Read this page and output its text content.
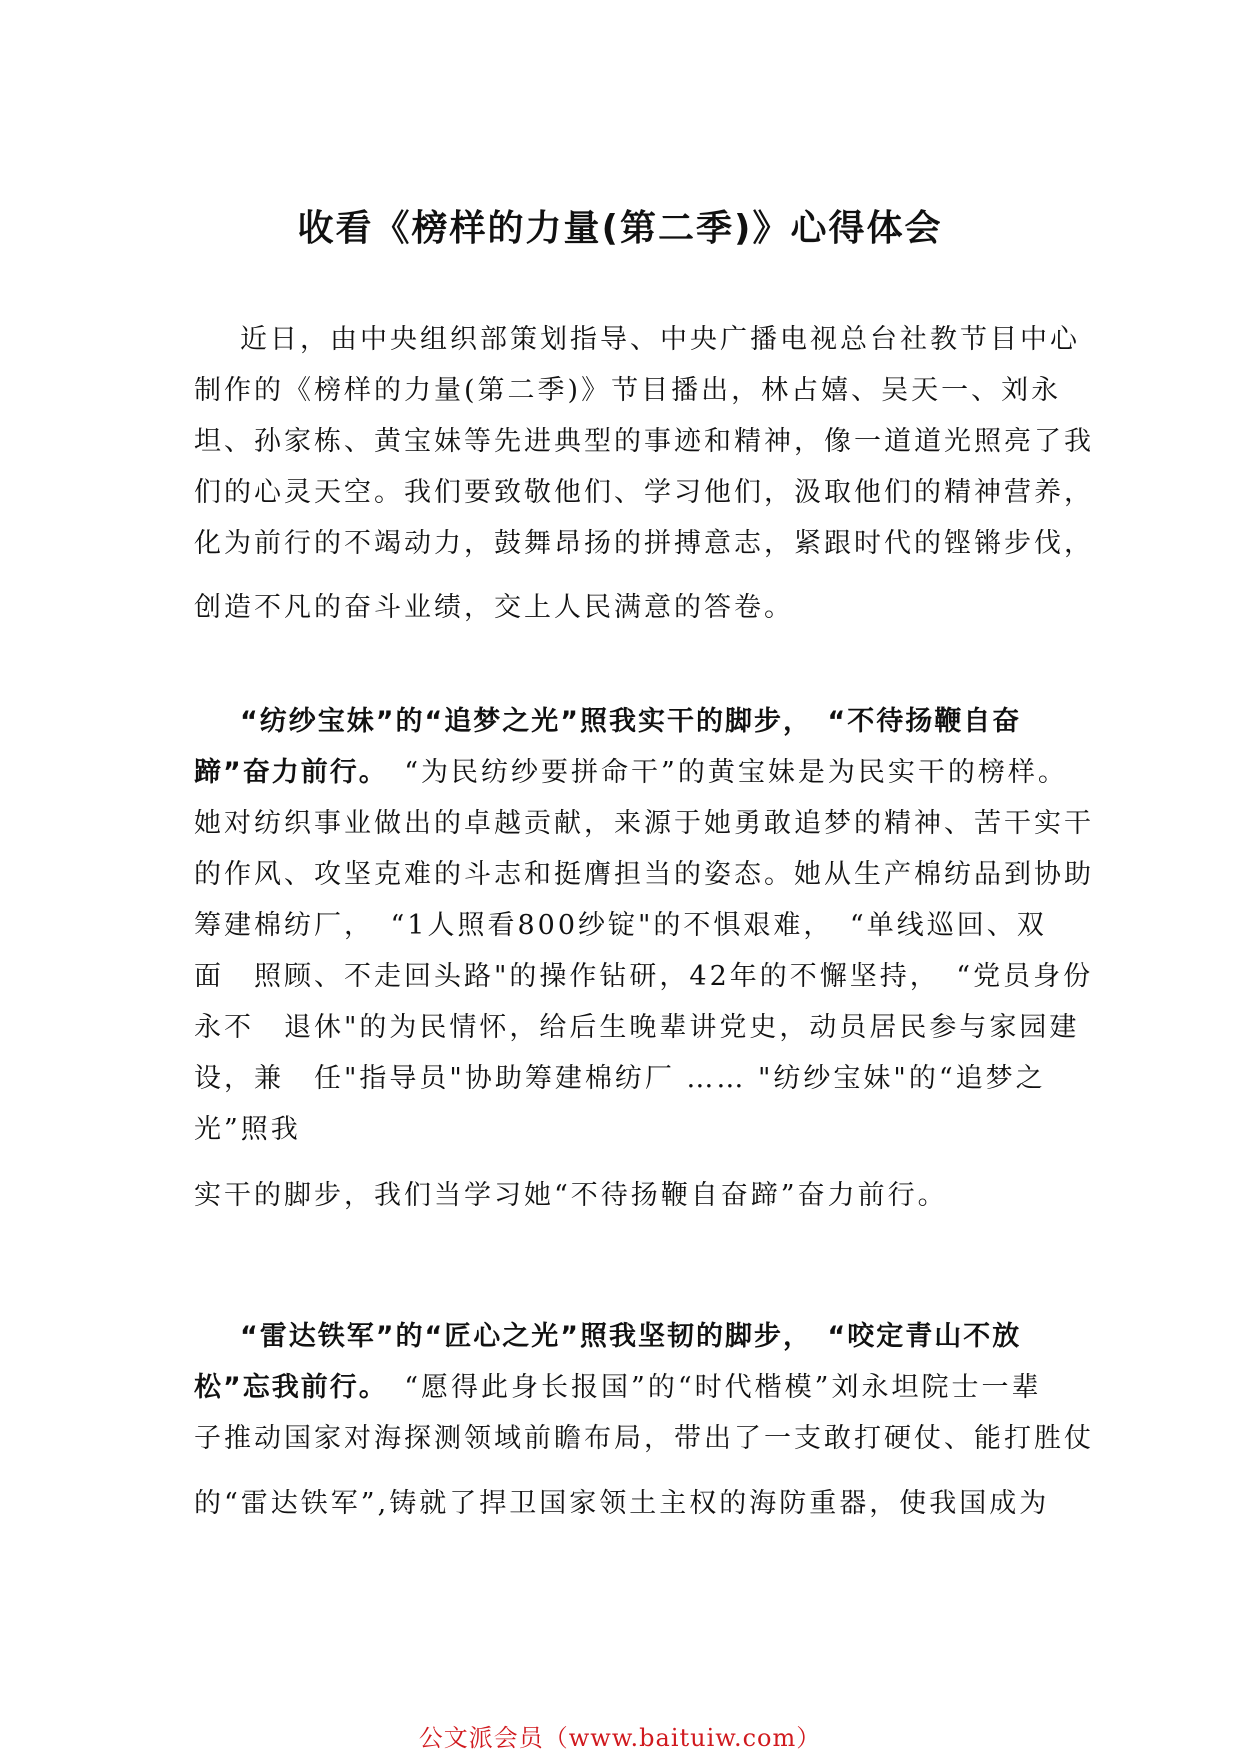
收看《榜样的力量(第二季)》心得体会
近日，由中央组织部策划指导、中央广播电视总台社教节目中心
制作的《榜样的力量(第二季)》节目播出，林占嬉、吴天一、刘永
坦、孙家栋、黄宝妹等先进典型的事迹和精神，像一道道光照亮了我
们的心灵天空。我们要致敬他们、学习他们，汲取他们的精神营养，
化为前行的不竭动力，鼓舞昂扬的拼搏意志，紧跟时代的铿锵步伐，
创造不凡的奋斗业绩，交上人民满意的答卷。
“纺纱宝妹”的“追梦之光”照我实干的脚步，　“不待扬鞭自奋
蹄”奋力前行。　“为民纺纱要拼命干”的黄宝妹是为民实干的榜样。
她对纺织事业做出的卓越贡献，来源于她勇敢追梦的精神、苦干实干
的作风、攻坚克难的斗志和挺膺担当的姿态。她从生产棉纺品到协助
筹建棉纺厂，　“1人照看800纱锭"的不惧艰难，　“单线巡回、双
面　照顾、不走回头路"的操作钻研，42年的不懈坚持，　“党员身份
永不　退休"的为民情怀，给后生晚辈讲党史，动员居民参与家园建
设，兼　任"指导员"协助筹建棉纺厂 …… "纺纱宝妹"的“追梦之
光”照我
实干的脚步，我们当学习她“不待扬鞭自奋蹄”奋力前行。
“雷达铁军”的“匠心之光”照我坚韧的脚步，　“咬定青山不放
松”忘我前行。　“愿得此身长报国”的“时代楷模”刘永坦院士一辈
子推动国家对海探测领域前瞻布局，带出了一支敢打硬仗、能打胜仗
的“雷达铁军”,铸就了捍卫国家领土主权的海防重器，使我国成为
公文派会员（www.baituiw.com）
